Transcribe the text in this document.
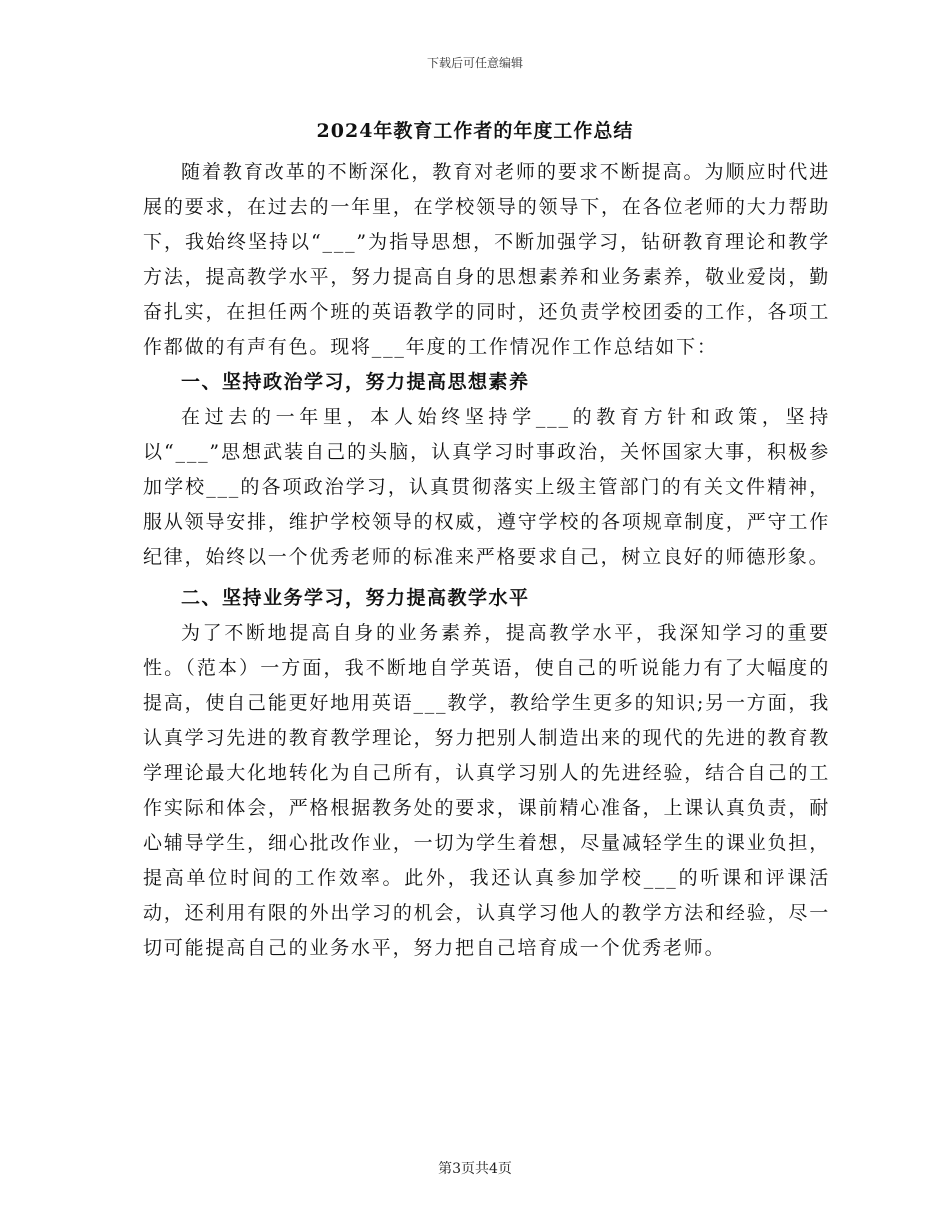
下载后可任意编辑
2024年教育工作者的年度工作总结

随着教育改革的不断深化，教育对老师的要求不断提高。为顺应时代进展的要求，在过去的一年里，在学校领导的领导下，在各位老师的大力帮助下，我始终坚持以“___”为指导思想，不断加强学习，钻研教育理论和教学方法，提高教学水平，努力提高自身的思想素养和业务素养，敬业爱岗，勤奋扎实，在担任两个班的英语教学的同时，还负责学校团委的工作，各项工作都做的有声有色。现将___年度的工作情况作工作总结如下：

一、坚持政治学习，努力提高思想素养

在过去的一年里，本人始终坚持学___的教育方针和政策，坚持以“___”思想武装自己的头脑，认真学习时事政治，关怀国家大事，积极参加学校___的各项政治学习，认真贯彻落实上级主管部门的有关文件精神，服从领导安排，维护学校领导的权威，遵守学校的各项规章制度，严守工作纪律，始终以一个优秀老师的标准来严格要求自己，树立良好的师德形象。

二、坚持业务学习，努力提高教学水平

为了不断地提高自身的业务素养，提高教学水平，我深知学习的重要性。（范本）一方面，我不断地自学英语，使自己的听说能力有了大幅度的提高，使自己能更好地用英语___教学，教给学生更多的知识;另一方面，我认真学习先进的教育教学理论，努力把别人制造出来的现代的先进的教育教学理论最大化地转化为自己所有，认真学习别人的先进经验，结合自己的工作实际和体会，严格根据教务处的要求，课前精心准备，上课认真负责，耐心辅导学生，细心批改作业，一切为学生着想，尽量减轻学生的课业负担，提高单位时间的工作效率。此外，我还认真参加学校___的听课和评课活动，还利用有限的外出学习的机会，认真学习他人的教学方法和经验，尽一切可能提高自己的业务水平，努力把自己培育成一个优秀老师。

第3页共4页
